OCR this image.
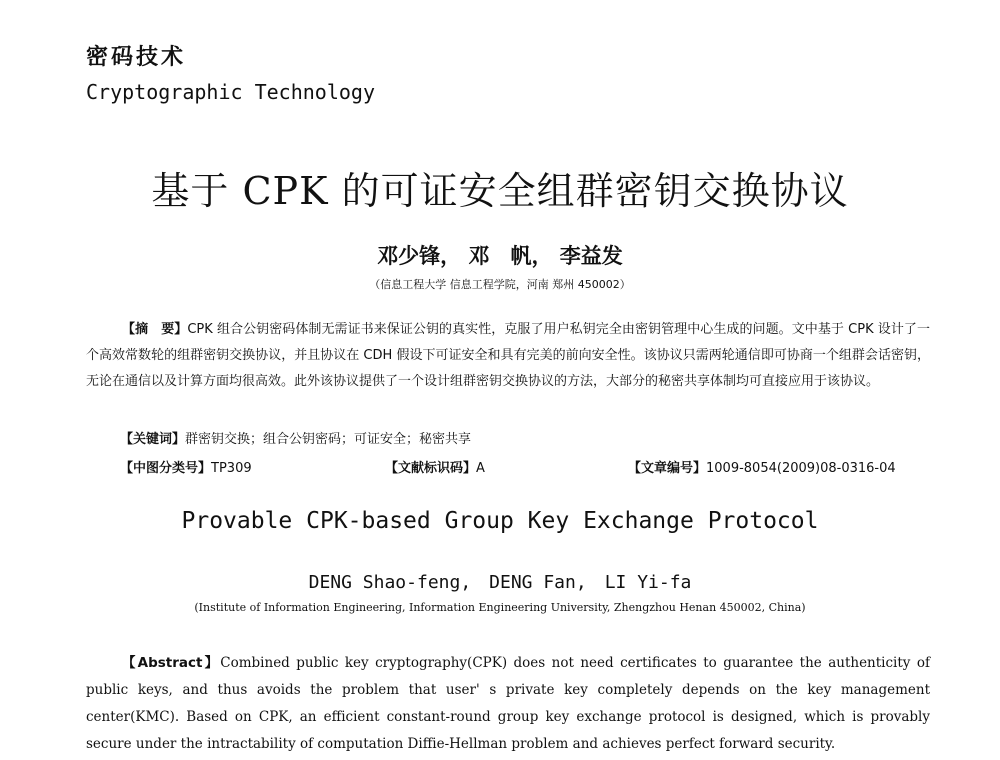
密码技术
Cryptographic Technology
基于 CPK 的可证安全组群密钥交换协议
邓少锋， 邓　帆， 李益发
（信息工程大学 信息工程学院，河南 郑州 450002）
【摘　要】CPK 组合公钥密码体制无需证书来保证公钥的真实性，克服了用户私钥完全由密钥管理中心生成的问题。文中基于 CPK 设计了一个高效常数轮的组群密钥交换协议，并且协议在 CDH 假设下可证安全和具有完美的前向安全性。该协议只需两轮通信即可协商一个组群会话密钥，无论在通信以及计算方面均很高效。此外该协议提供了一个设计组群密钥交换协议的方法，大部分的秘密共享体制均可直接应用于该协议。
【关键词】群密钥交换；组合公钥密码；可证安全；秘密共享
【中图分类号】TP309	【文献标识码】A	【文章编号】1009-8054(2009)08-0316-04
Provable CPK-based Group Key Exchange Protocol
DENG Shao-feng,　DENG Fan,　LI Yi-fa
(Institute of Information Engineering, Information Engineering University, Zhengzhou Henan 450002, China)
【Abstract】Combined public key cryptography(CPK) does not need certificates to guarantee the authenticity of public keys, and thus avoids the problem that user' s private key completely depends on the key management center(KMC). Based on CPK, an efficient constant-round group key exchange protocol is designed, which is provably secure under the intractability of computation Diffie-Hellman problem and achieves perfect forward security.
